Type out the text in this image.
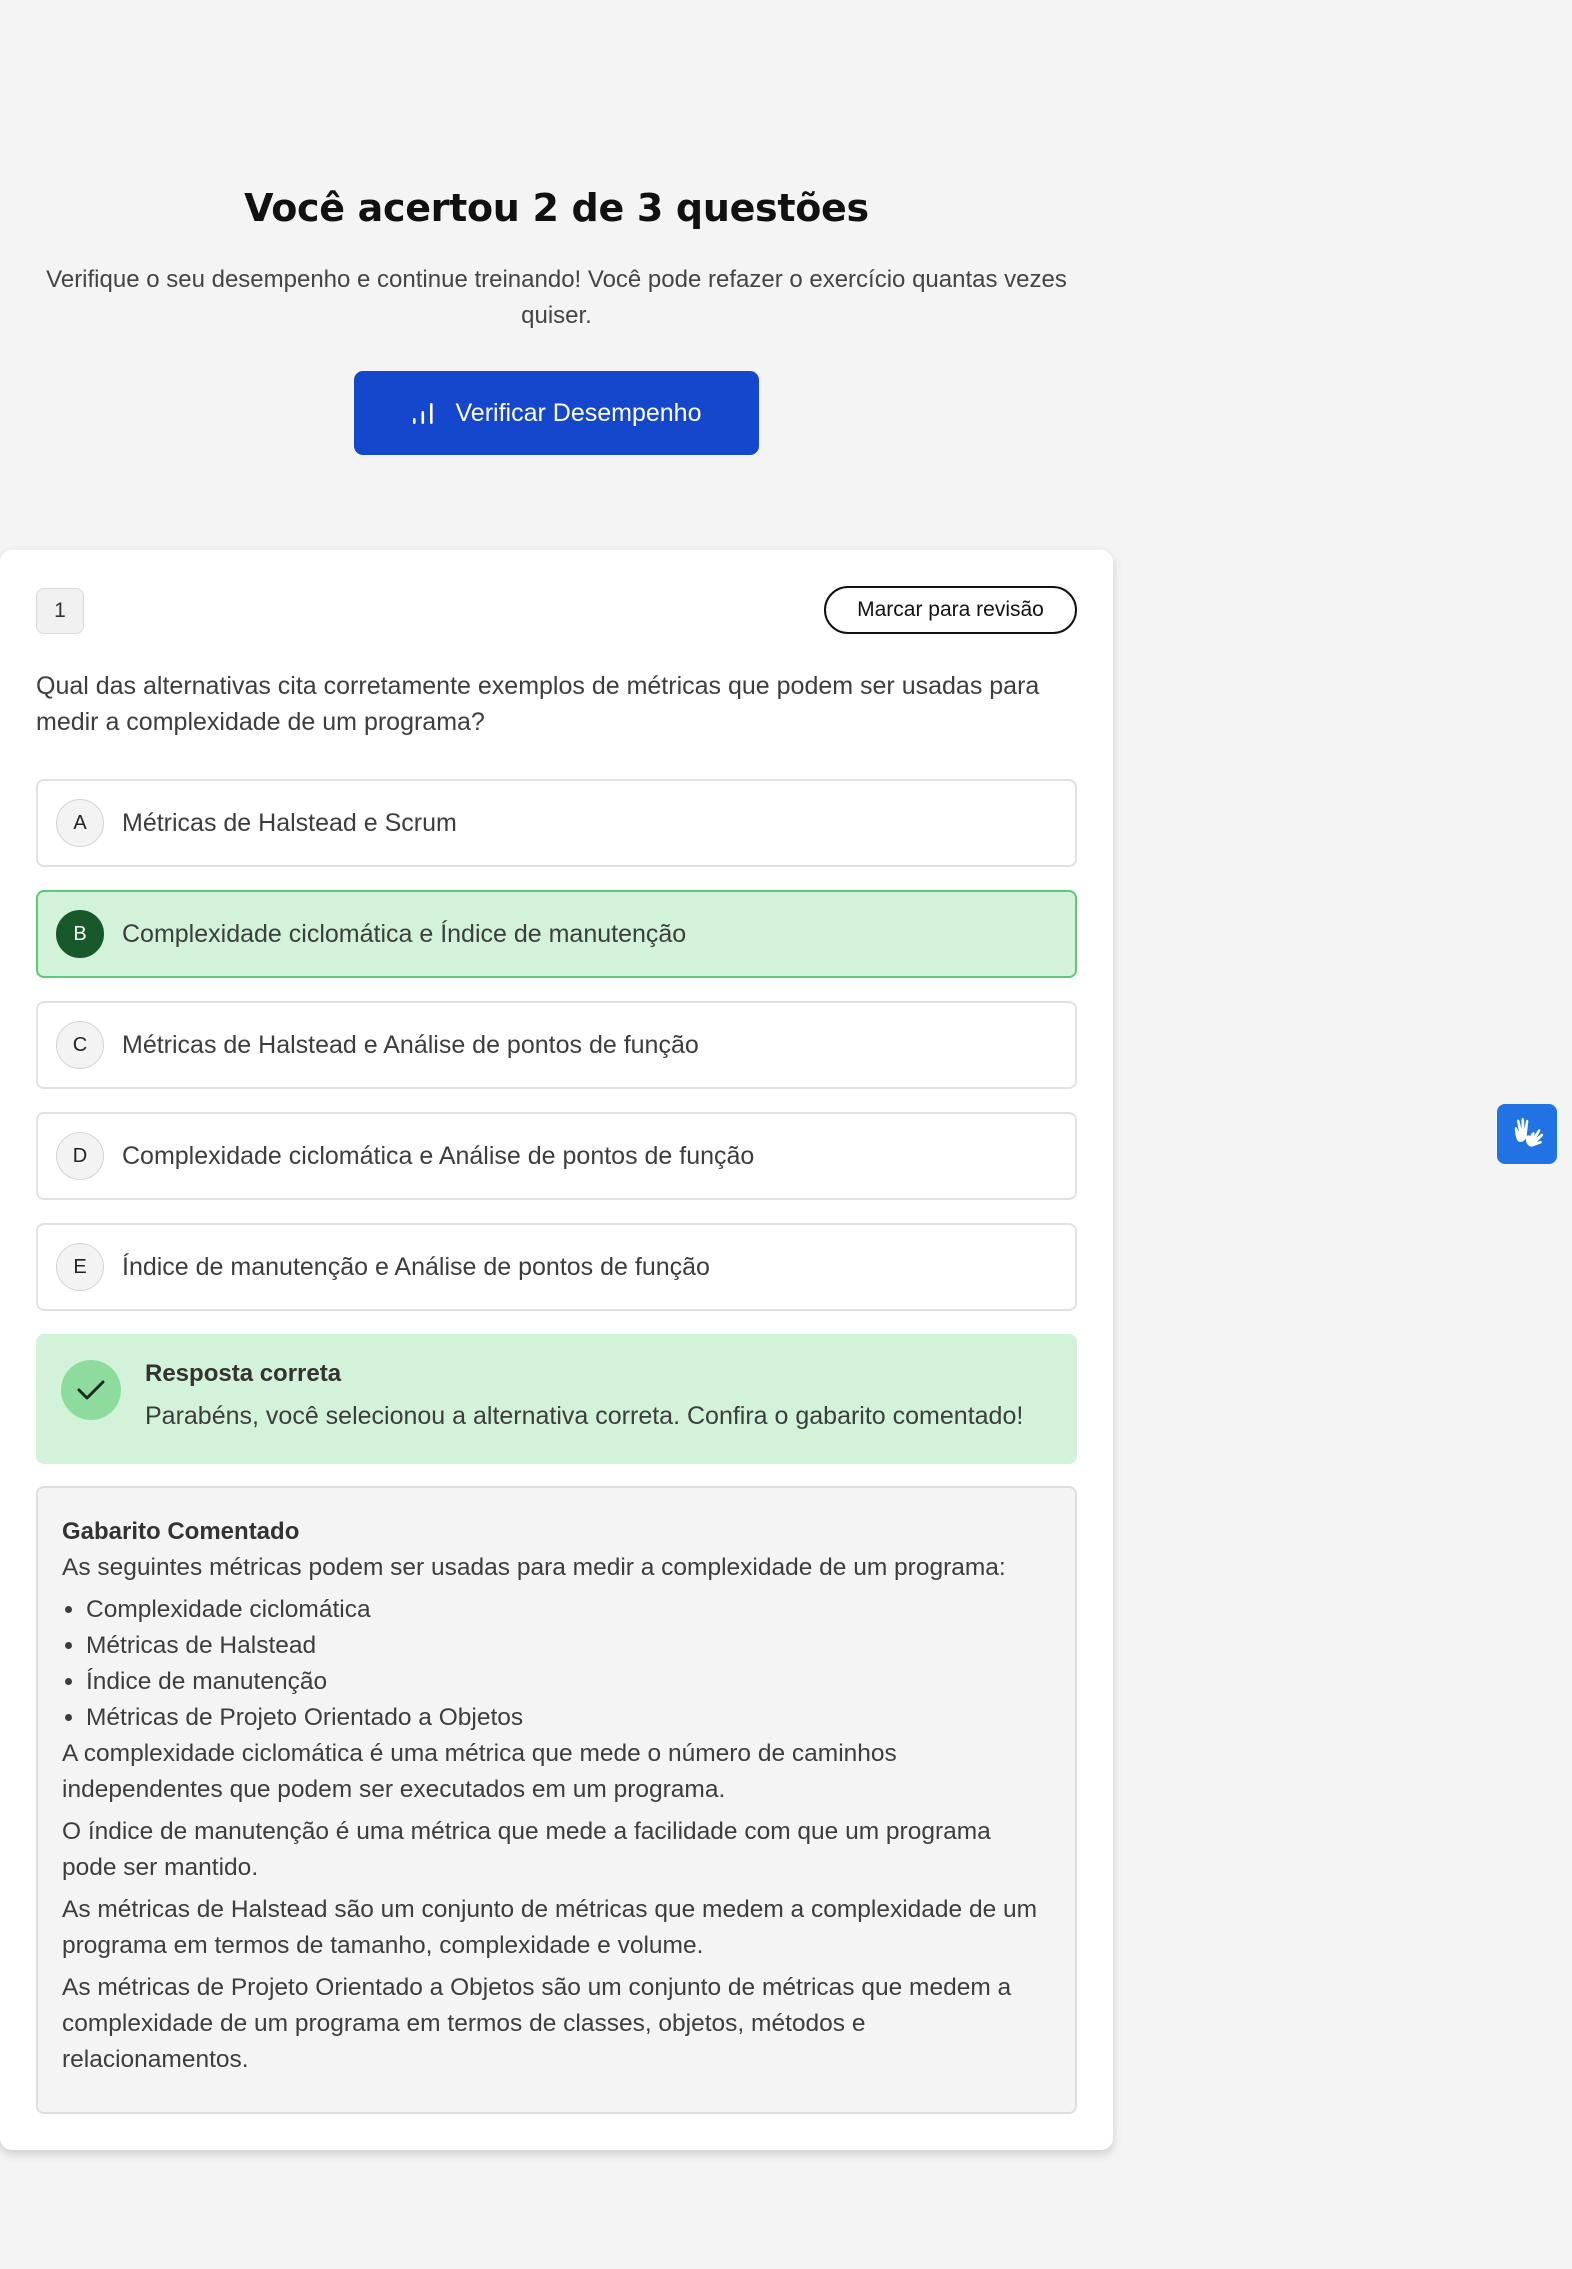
Você acertou 2 de 3 questões

Verifique o seu desempenho e continue treinando! Você pode refazer o exercício quantas vezes quiser.

Verificar Desempenho
1	Marcar para revisão

Qual das alternativas cita corretamente exemplos de métricas que podem ser usadas para medir a complexidade de um programa?

A	Métricas de Halstead e Scrum
B	Complexidade ciclomática e Índice de manutenção
C	Métricas de Halstead e Análise de pontos de função
D	Complexidade ciclomática e Análise de pontos de função
E	Índice de manutenção e Análise de pontos de função
Resposta correta
Parabéns, você selecionou a alternativa correta. Confira o gabarito comentado!
Gabarito Comentado

As seguintes métricas podem ser usadas para medir a complexidade de um programa:

• Complexidade ciclomática
• Métricas de Halstead
• Índice de manutenção
• Métricas de Projeto Orientado a Objetos

A complexidade ciclomática é uma métrica que mede o número de caminhos independentes que podem ser executados em um programa.

O índice de manutenção é uma métrica que mede a facilidade com que um programa pode ser mantido.

As métricas de Halstead são um conjunto de métricas que medem a complexidade de um programa em termos de tamanho, complexidade e volume.

As métricas de Projeto Orientado a Objetos são um conjunto de métricas que medem a complexidade de um programa em termos de classes, objetos, métodos e relacionamentos.
